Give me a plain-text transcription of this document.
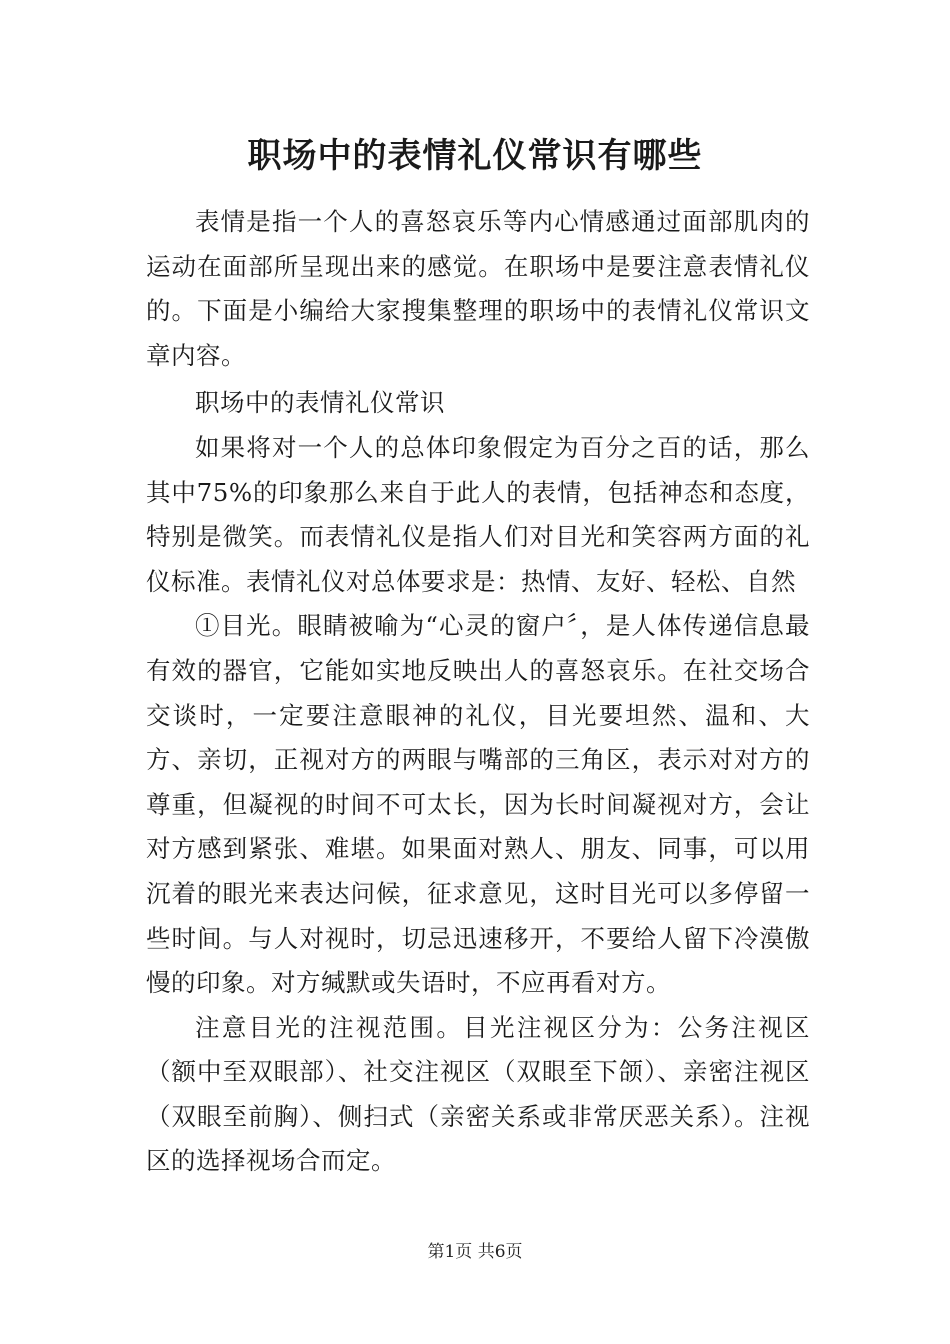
职场中的表情礼仪常识有哪些

表情是指一个人的喜怒哀乐等内心情感通过面部肌肉的运动在面部所呈现出来的感觉。在职场中是要注意表情礼仪的。下面是小编给大家搜集整理的职场中的表情礼仪常识文章内容。

职场中的表情礼仪常识

如果将对一个人的总体印象假定为百分之百的话，那么其中75%的印象那么来自于此人的表情，包括神态和态度，特别是微笑。而表情礼仪是指人们对目光和笑容两方面的礼仪标准。表情礼仪对总体要求是：热情、友好、轻松、自然

①目光。眼睛被喻为“心灵的窗户〞，是人体传递信息最有效的器官，它能如实地反映出人的喜怒哀乐。在社交场合交谈时，一定要注意眼神的礼仪，目光要坦然、温和、大方、亲切，正视对方的两眼与嘴部的三角区，表示对对方的尊重，但凝视的时间不可太长，因为长时间凝视对方，会让对方感到紧张、难堪。如果面对熟人、朋友、同事，可以用沉着的眼光来表达问候，征求意见，这时目光可以多停留一些时间。与人对视时，切忌迅速移开，不要给人留下冷漠傲慢的印象。对方缄默或失语时，不应再看对方。

注意目光的注视范围。目光注视区分为：公务注视区（额中至双眼部）、社交注视区（双眼至下颌）、亲密注视区（双眼至前胸）、侧扫式（亲密关系或非常厌恶关系）。注视区的选择视场合而定。

第1页 共6页
